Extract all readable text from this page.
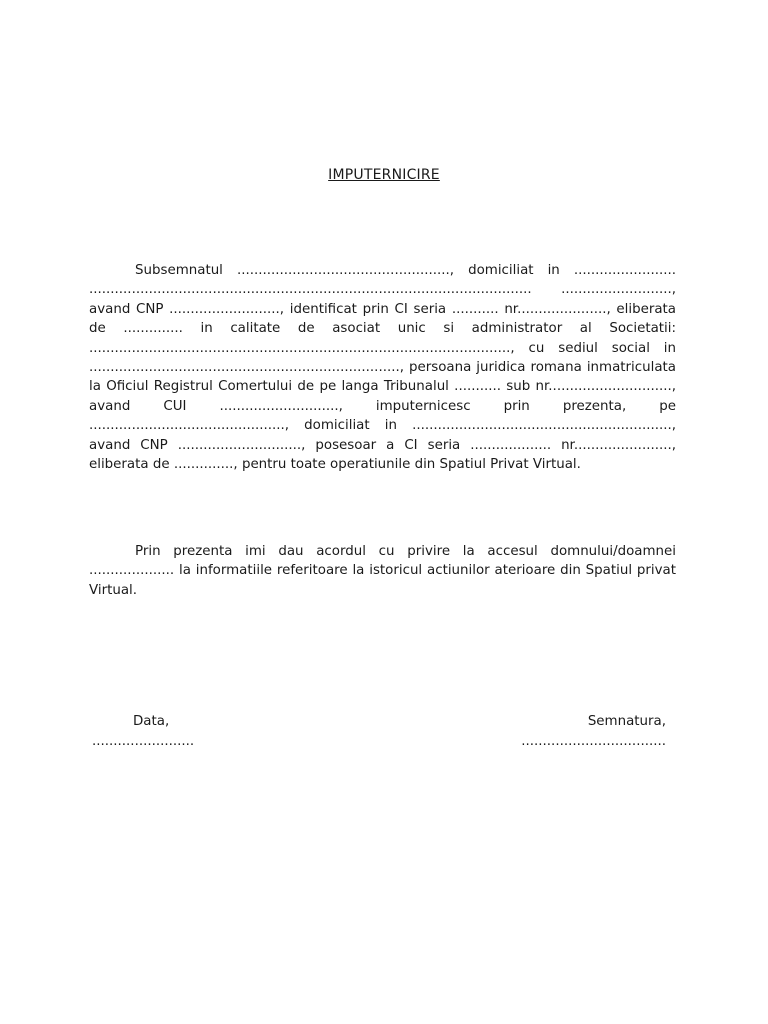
IMPUTERNICIRE

Subsemnatul .................................................., domiciliat in ........................ ........................................................................................................ .........................., avand CNP .........................., identificat prin CI seria ........... nr....................., eliberata de .............. in calitate de asociat unic si administrator al Societatii: ..................................................................................................., cu sediul social in ........................................................................., persoana juridica romana inmatriculata la Oficiul Registrul Comertului de pe langa Tribunalul ........... sub nr............................., avand CUI ............................, imputernicesc prin prezenta, pe .............................................., domiciliat in ............................................................., avand CNP ............................., posesoar a CI seria ................... nr......................., eliberata de .............., pentru toate operatiunile din Spatiul Privat Virtual.

Prin prezenta imi dau acordul cu privire la accesul domnului/doamnei .................... la informatiile referitoare la istoricul actiunilor aterioare din Spatiul privat Virtual.

Data,	Semnatura,
........................	..................................
